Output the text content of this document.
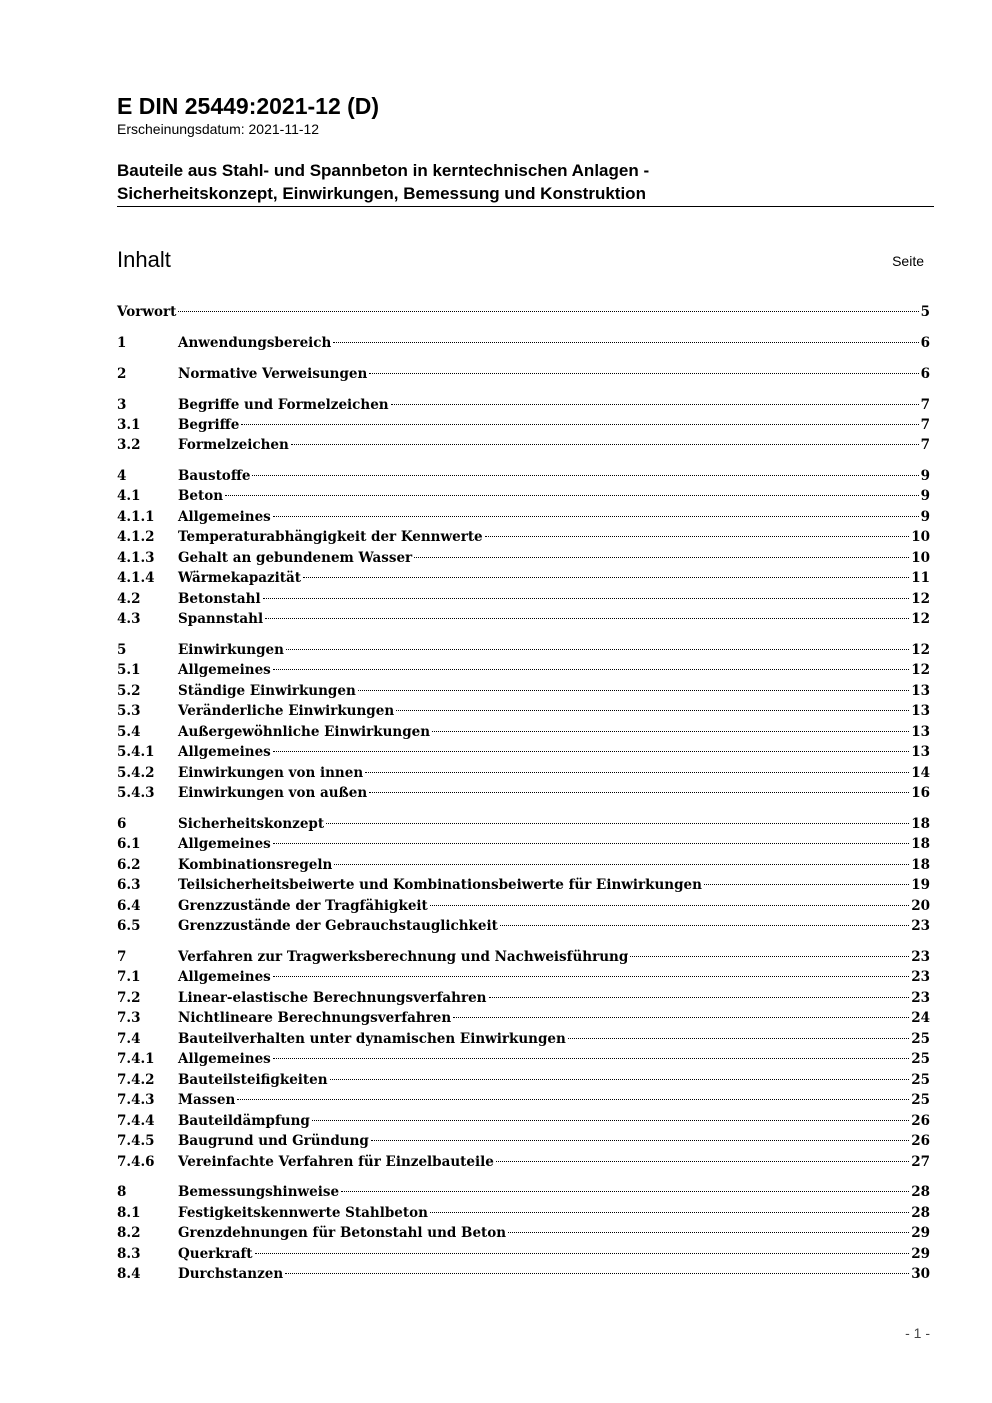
E DIN 25449:2021-12 (D)
Erscheinungsdatum: 2021-11-12
Bauteile aus Stahl- und Spannbeton in kerntechnischen Anlagen -
Sicherheitskonzept, Einwirkungen, Bemessung und Konstruktion
Inhalt	Seite
Vorwort	5
1	Anwendungsbereich	6
2	Normative Verweisungen	6
3	Begriffe und Formelzeichen	7
3.1	Begriffe	7
3.2	Formelzeichen	7
4	Baustoffe	9
4.1	Beton	9
4.1.1	Allgemeines	9
4.1.2	Temperaturabhängigkeit der Kennwerte	10
4.1.3	Gehalt an gebundenem Wasser	10
4.1.4	Wärmekapazität	11
4.2	Betonstahl	12
4.3	Spannstahl	12
5	Einwirkungen	12
5.1	Allgemeines	12
5.2	Ständige Einwirkungen	13
5.3	Veränderliche Einwirkungen	13
5.4	Außergewöhnliche Einwirkungen	13
5.4.1	Allgemeines	13
5.4.2	Einwirkungen von innen	14
5.4.3	Einwirkungen von außen	16
6	Sicherheitskonzept	18
6.1	Allgemeines	18
6.2	Kombinationsregeln	18
6.3	Teilsicherheitsbeiwerte und Kombinationsbeiwerte für Einwirkungen	19
6.4	Grenzzustände der Tragfähigkeit	20
6.5	Grenzzustände der Gebrauchstauglichkeit	23
7	Verfahren zur Tragwerksberechnung und Nachweisführung	23
7.1	Allgemeines	23
7.2	Linear-elastische Berechnungsverfahren	23
7.3	Nichtlineare Berechnungsverfahren	24
7.4	Bauteilverhalten unter dynamischen Einwirkungen	25
7.4.1	Allgemeines	25
7.4.2	Bauteilsteifigkeiten	25
7.4.3	Massen	25
7.4.4	Bauteildämpfung	26
7.4.5	Baugrund und Gründung	26
7.4.6	Vereinfachte Verfahren für Einzelbauteile	27
8	Bemessungshinweise	28
8.1	Festigkeitskennwerte Stahlbeton	28
8.2	Grenzdehnungen für Betonstahl und Beton	29
8.3	Querkraft	29
8.4	Durchstanzen	30
- 1 -
